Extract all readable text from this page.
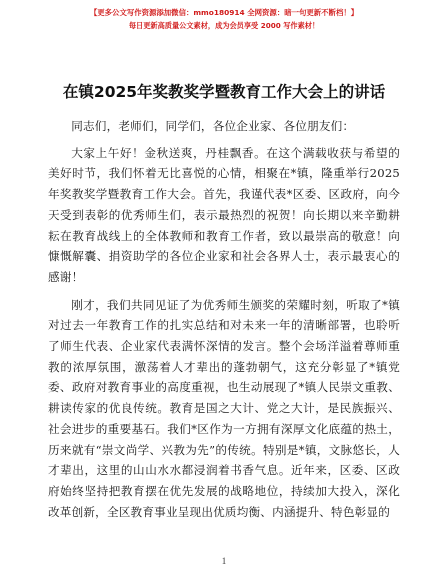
【更多公文写作资源添加微信：mmo180914 全网资源：暗一句更新不断档！】
每日更新高质量公文素材，成为会员享受 2000 写作素材！
在镇2025年奖教奖学暨教育工作大会上的讲话

同志们，老师们，同学们，各位企业家、各位朋友们：

大家上午好！金秋送爽，丹桂飘香。在这个满载收获与希望的美好时节，我们怀着无比喜悦的心情，相聚在*镇，隆重举行2025年奖教奖学暨教育工作大会。首先，我谨代表*区委、区政府，向今天受到表彰的优秀师生们，表示最热烈的祝贺！向长期以来辛勤耕耘在教育战线上的全体教师和教育工作者，致以最崇高的敬意！向慷慨解囊、捐资助学的各位企业家和社会各界人士，表示最衷心的感谢！

刚才，我们共同见证了为优秀师生颁奖的荣耀时刻，听取了*镇对过去一年教育工作的扎实总结和对未来一年的清晰部署，也聆听了师生代表、企业家代表满怀深情的发言。整个会场洋溢着尊师重教的浓厚氛围，激荡着人才辈出的蓬勃朝气，这充分彰显了*镇党委、政府对教育事业的高度重视，也生动展现了*镇人民崇文重教、耕读传家的优良传统。教育是国之大计、党之大计，是民族振兴、社会进步的重要基石。我们*区作为一方拥有深厚文化底蕴的热土，历来就有“崇文尚学、兴教为先”的传统。特别是*镇，文脉悠长，人才辈出，这里的山山水水都浸润着书香气息。近年来，区委、区政府始终坚持把教育摆在优先发展的战略地位，持续加大投入，深化改革创新，全区教育事业呈现出优质均衡、内涵提升、特色彰显的

1
